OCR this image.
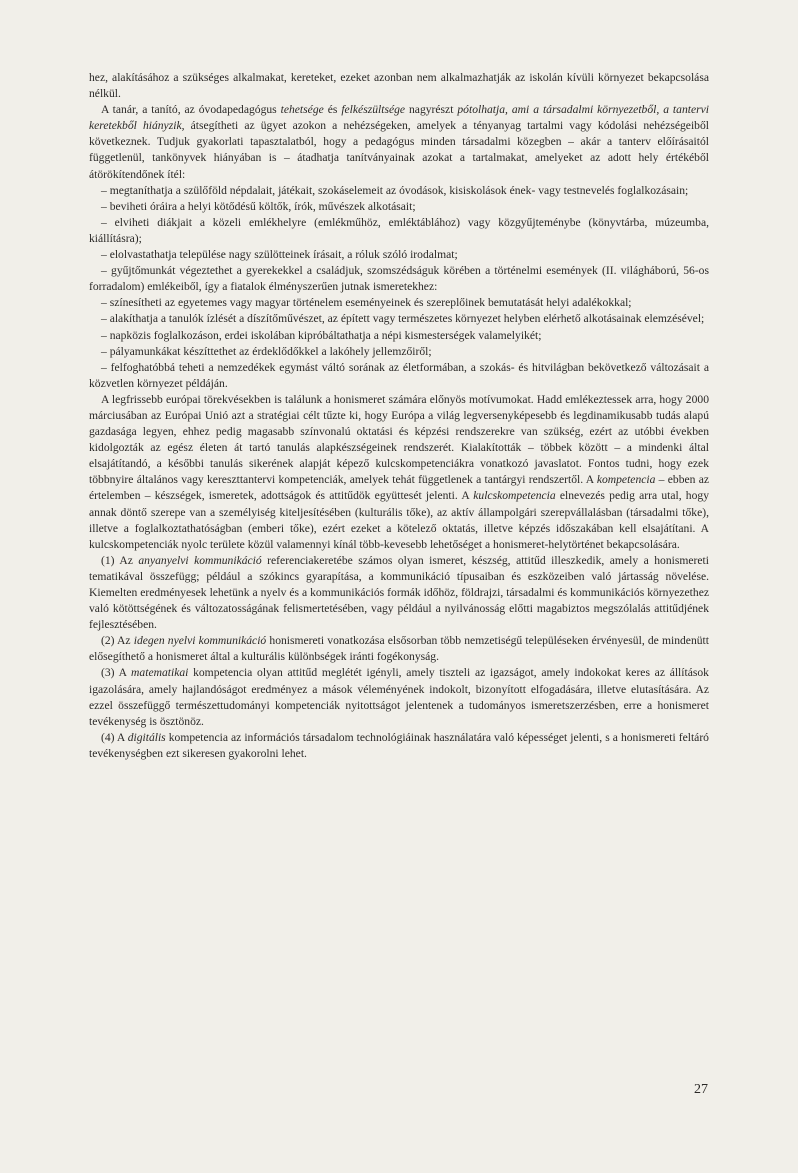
hez, alakításához a szükséges alkalmakat, kereteket, ezeket azonban nem alkalmazhatják az iskolán kívüli környezet bekapcsolása nélkül.

A tanár, a tanító, az óvodapedagógus tehetsége és felkészültsége nagyrészt pótolhatja, ami a társadalmi környezetből, a tantervi keretekből hiányzik, átsegítheti az ügyet azokon a nehézségeken, amelyek a tényanyag tartalmi vagy kódolási nehézségeiből következnek. Tudjuk gyakorlati tapasztalatból, hogy a pedagógus minden társadalmi közegben – akár a tanterv előírásaitól függetlenül, tankönyvek hiányában is – átadhatja tanítványainak azokat a tartalmakat, amelyeket az adott hely értékéből átörökítendőnek ítél:

– megtaníthatja a szülőföld népdalait, játékait, szokáselemeit az óvodások, kisiskolások ének- vagy testnevelés foglalkozásain;

– beviheti óráira a helyi kötődésű költők, írók, művészek alkotásait;

– elviheti diákjait a közeli emlékhelyre (emlékműhöz, emléktáblához) vagy közgyűjteménybe (könyvtárba, múzeumba, kiállításra);

– elolvastathatja települése nagy szülötteinek írásait, a róluk szóló irodalmat;

– gyűjtőmunkát végeztethet a gyerekekkel a családjuk, szomszédságuk körében a történelmi események (II. világháború, 56-os forradalom) emlékeiből, így a fiatalok élményszerűen jutnak ismeretekhez:

– színesítheti az egyetemes vagy magyar történelem eseményeinek és szereplőinek bemutatását helyi adalékokkal;

– alakíthatja a tanulók ízlését a díszítőművészet, az épített vagy természetes környezet helyben elérhető alkotásainak elemzésével;

– napközis foglalkozáson, erdei iskolában kipróbáltathatja a népi kismesterségek valamelyikét;

– pályamunkákat készíttethet az érdeklődőkkel a lakóhely jellemzőiről;

– felfoghatóbbá teheti a nemzedékek egymást váltó sorának az életformában, a szokás- és hitvilágban bekövetkező változásait a közvetlen környezet példáján.

A legfrissebb európai törekvésekben is találunk a honismeret számára előnyös motívumokat. Hadd emlékeztessek arra, hogy 2000 márciusában az Európai Unió azt a stratégiai célt tűzte ki, hogy Európa a világ legversenyképesebb és legdinamikusabb tudás alapú gazdasága legyen, ehhez pedig magasabb színvonalú oktatási és képzési rendszerekre van szükség, ezért az utóbbi években kidolgozták az egész életen át tartó tanulás alapkészségeinek rendszerét. Kialakították – többek között – a mindenki által elsajátítandó, a későbbi tanulás sikerének alapját képező kulcskompetenciákra vonatkozó javaslatot. Fontos tudni, hogy ezek többnyire általános vagy kereszttantervi kompetenciák, amelyek tehát függetlenek a tantárgyi rendszertől. A kompetencia – ebben az értelemben – készségek, ismeretek, adottságok és attitűdök együttesét jelenti. A kulcskompetencia elnevezés pedig arra utal, hogy annak döntő szerepe van a személyiség kiteljesítésében (kulturális tőke), az aktív állampolgári szerepvállalásban (társadalmi tőke), illetve a foglalkoztathatóságban (emberi tőke), ezért ezeket a kötelező oktatás, illetve képzés időszakában kell elsajátítani. A kulcskompetenciák nyolc területe közül valamennyi kínál több-kevesebb lehetőséget a honismeret-helytörténet bekapcsolására.

(1) Az anyanyelvi kommunikáció referenciakeretébe számos olyan ismeret, készség, attitűd illeszkedik, amely a honismereti tematikával összefügg; például a szókincs gyarapítása, a kommunikáció típusaiban és eszközeiben való jártasság növelése. Kiemelten eredményesek lehetünk a nyelv és a kommunikációs formák időhöz, földrajzi, társadalmi és kommunikációs környezethez való kötöttségének és változatosságának felismertetésében, vagy például a nyilvánosság előtti magabiztos megszólalás attitűdjének fejlesztésében.

(2) Az idegen nyelvi kommunikáció honismereti vonatkozása elsősorban több nemzetiségű településeken érvényesül, de mindenütt elősegíthető a honismeret által a kulturális különbségek iránti fogékonyság.

(3) A matematikai kompetencia olyan attitűd meglétét igényli, amely tiszteli az igazságot, amely indokokat keres az állítások igazolására, amely hajlandóságot eredményez a mások véleményének indokolt, bizonyított elfogadására, illetve elutasítására. Az ezzel összefüggő természettudományi kompetenciák nyitottságot jelentenek a tudományos ismeretszerzésben, erre a honismeret tevékenység is ösztönöz.

(4) A digitális kompetencia az információs társadalom technológiáinak használatára való képességet jelenti, s a honismereti feltáró tevékenységben ezt sikeresen gyakorolni lehet.

27
